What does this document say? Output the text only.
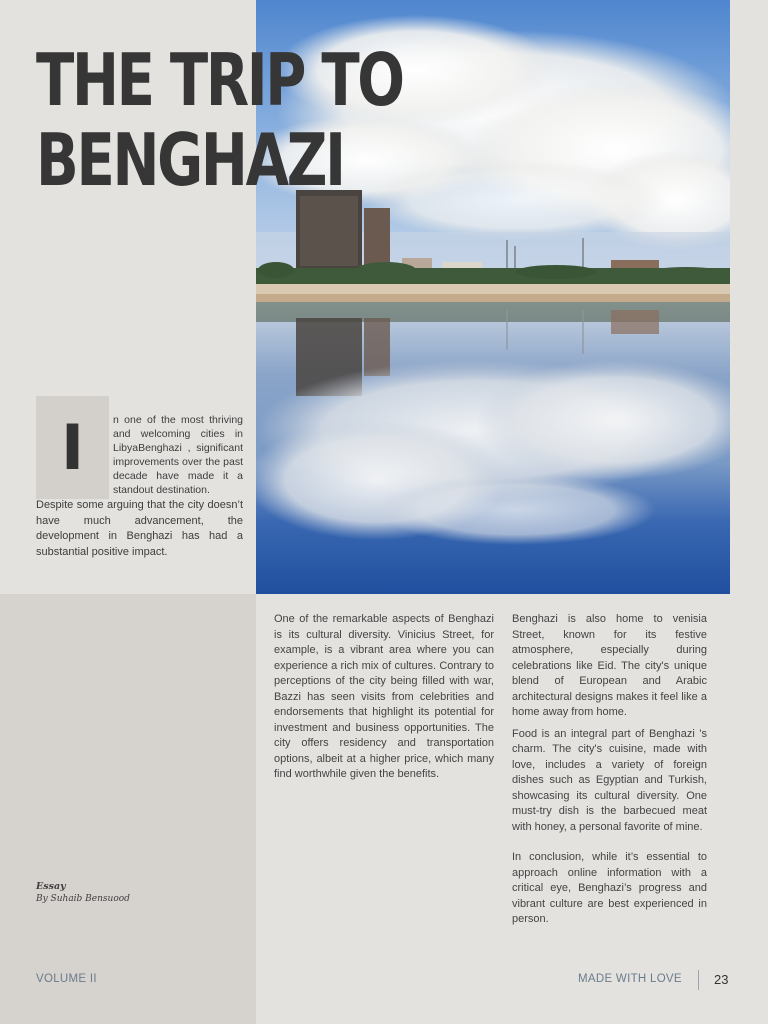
THE TRIP TO
BENGHAZI
I	n one of the most thriving and welcoming cities in LibyaBenghazi , significant improvements over the past decade have made it a standout destination.

Despite some arguing that the city doesn’t have much advancement, the development in Benghazi has had a substantial positive impact.

One of the remarkable aspects of Benghazi is its cultural diversity. Vinicius Street, for example, is a vibrant area where you can experience a rich mix of cultures. Contrary to perceptions of the city being filled with war, Bazzi has seen visits from celebrities and endorsements that highlight its potential for investment and business opportunities. The city offers residency and transportation options, albeit at a higher price, which many find worthwhile given the benefits.

Benghazi is also home to venisia Street, known for its festive atmosphere, especially during celebrations like Eid. The city's unique blend of European and Arabic architectural designs makes it feel like a home away from home.

Food is an integral part of Benghazi 's charm. The city's cuisine, made with love, includes a variety of foreign dishes such as Egyptian and Turkish, showcasing its cultural diversity. One must-try dish is the barbecued meat with honey, a personal favorite of mine.

In conclusion, while it’s essential to approach online information with a critical eye, Benghazi’s progress and vibrant culture are best experienced in person.

Essay
By Suhaib Bensuood
VOLUME II	MADE WITH LOVE 23
